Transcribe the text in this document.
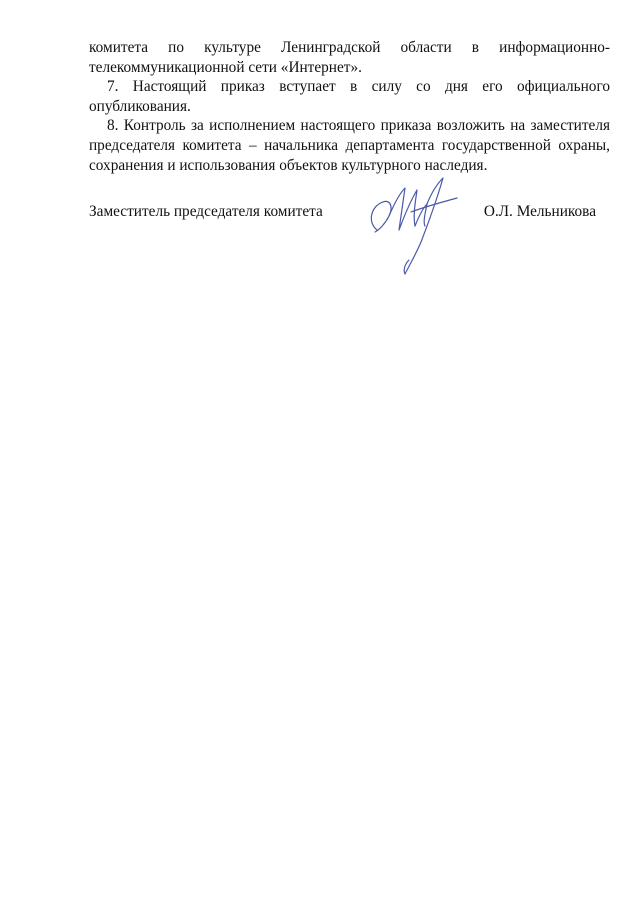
комитета по культуре Ленинградской области в информационно-телекоммуникационной сети «Интернет».

7. Настоящий приказ вступает в силу со дня его официального опубликования.

8. Контроль за исполнением настоящего приказа возложить на заместителя председателя комитета – начальника департамента государственной охраны, сохранения и использования объектов культурного наследия.

Заместитель председателя комитета	О.Л. Мельникова
